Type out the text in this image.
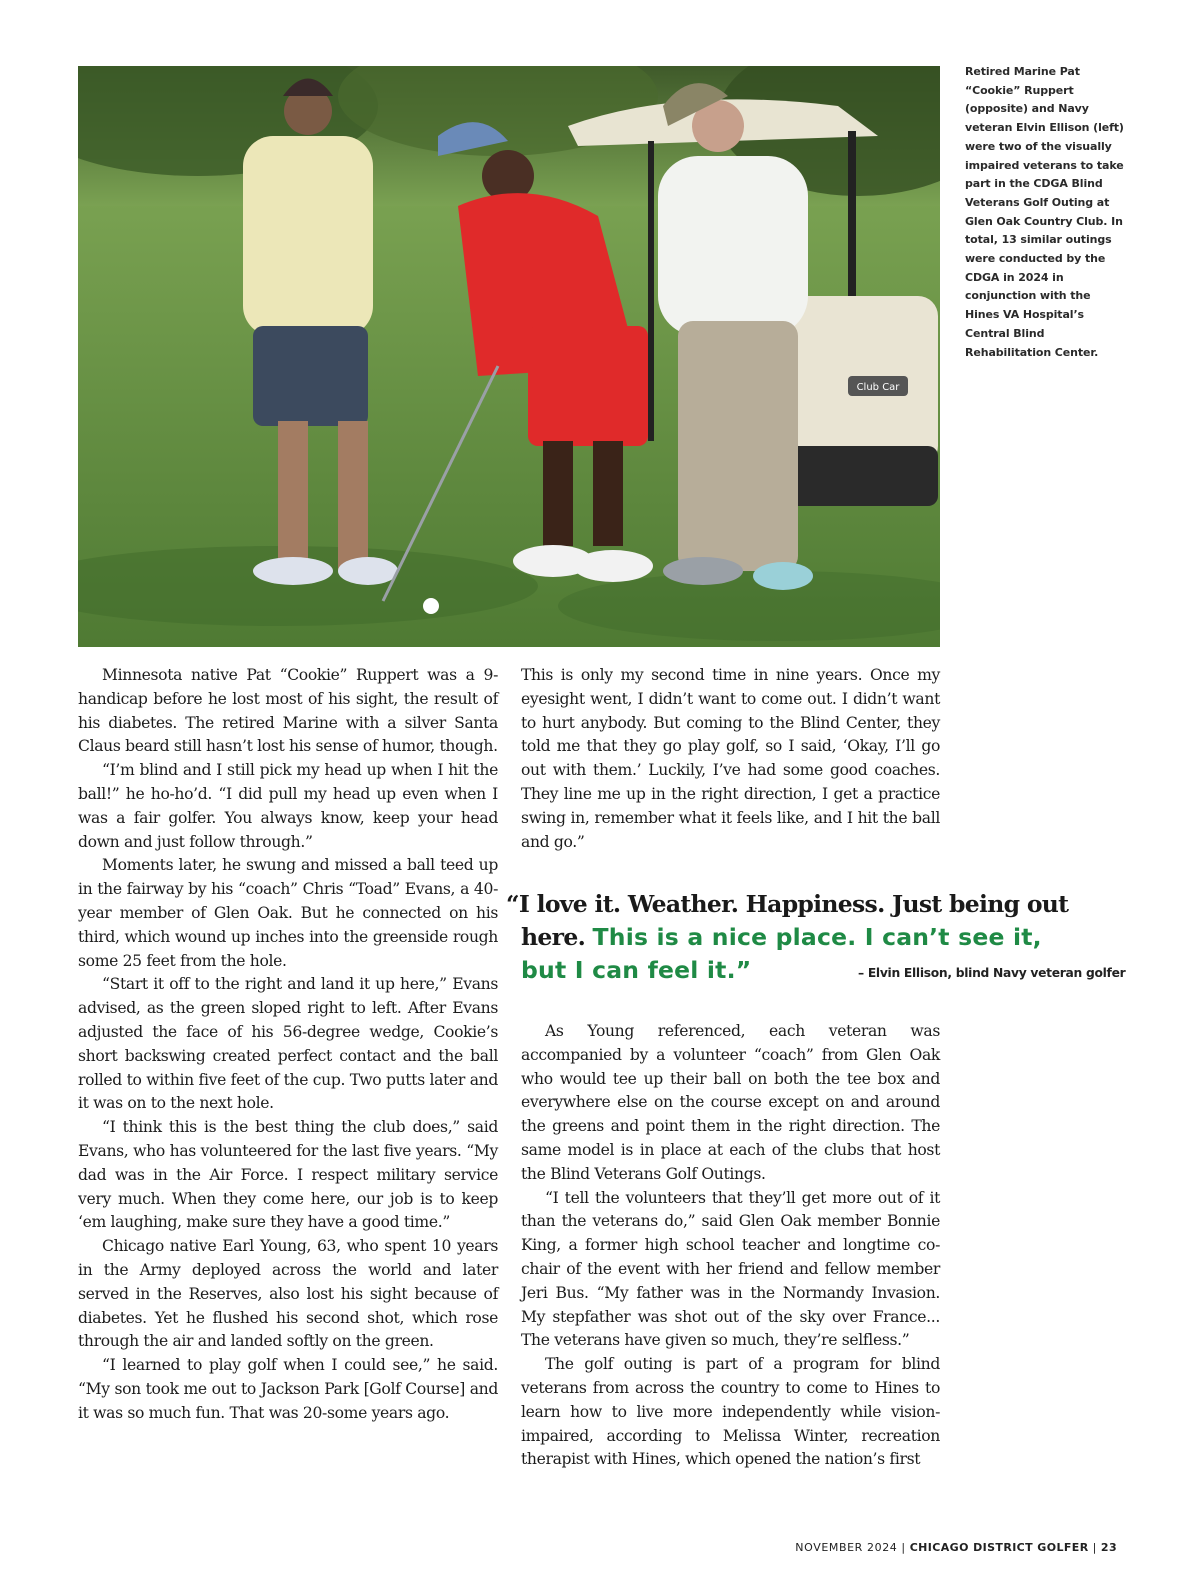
Club Car
Retired Marine Pat “Cookie” Ruppert (opposite) and Navy veteran Elvin Ellison (left) were two of the visually impaired veterans to take part in the CDGA Blind Veterans Golf Outing at Glen Oak Country Club. In total, 13 similar outings were conducted by the CDGA in 2024 in conjunction with the Hines VA Hospital’s Central Blind Rehabilitation Center.

Minnesota native Pat “Cookie” Ruppert was a 9-handicap before he lost most of his sight, the result of his diabetes. The retired Marine with a silver Santa Claus beard still hasn’t lost his sense of humor, though.

“I’m blind and I still pick my head up when I hit the ball!” he ho-ho’d. “I did pull my head up even when I was a fair golfer. You always know, keep your head down and just follow through.”

Moments later, he swung and missed a ball teed up in the fairway by his “coach” Chris “Toad” Evans, a 40-year member of Glen Oak. But he connected on his third, which wound up inches into the greenside rough some 25 feet from the hole.

“Start it off to the right and land it up here,” Evans advised, as the green sloped right to left. After Evans adjusted the face of his 56-degree wedge, Cookie’s short backswing created perfect contact and the ball rolled to within five feet of the cup. Two putts later and it was on to the next hole.

“I think this is the best thing the club does,” said Evans, who has volunteered for the last five years. “My dad was in the Air Force. I respect military service very much. When they come here, our job is to keep ‘em laughing, make sure they have a good time.”

Chicago native Earl Young, 63, who spent 10 years in the Army deployed across the world and later served in the Reserves, also lost his sight because of diabetes. Yet he flushed his second shot, which rose through the air and landed softly on the green.

“I learned to play golf when I could see,” he said. “My son took me out to Jackson Park [Golf Course] and it was so much fun. That was 20-some years ago.

This is only my second time in nine years. Once my eyesight went, I didn’t want to come out. I didn’t want to hurt anybody. But coming to the Blind Center, they told me that they go play golf, so I said, ‘Okay, I’ll go out with them.’ Luckily, I’ve had some good coaches. They line me up in the right direction, I get a practice swing in, remember what it feels like, and I hit the ball and go.”

“I love it. Weather. Happiness. Just being out
here. This is a nice place. I can’t see it,
but I can feel it.”	– Elvin Ellison, blind Navy veteran golfer

As Young referenced, each veteran was accompanied by a volunteer “coach” from Glen Oak who would tee up their ball on both the tee box and everywhere else on the course except on and around the greens and point them in the right direction. The same model is in place at each of the clubs that host the Blind Veterans Golf Outings.

“I tell the volunteers that they’ll get more out of it than the veterans do,” said Glen Oak member Bonnie King, a former high school teacher and longtime co-chair of the event with her friend and fellow member Jeri Bus. “My father was in the Normandy Invasion. My stepfather was shot out of the sky over France... The veterans have given so much, they’re selfless.”

The golf outing is part of a program for blind veterans from across the country to come to Hines to learn how to live more independently while vision-impaired, according to Melissa Winter, recreation therapist with Hines, which opened the nation’s first

NOVEMBER 2024 | CHICAGO DISTRICT GOLFER | 23
